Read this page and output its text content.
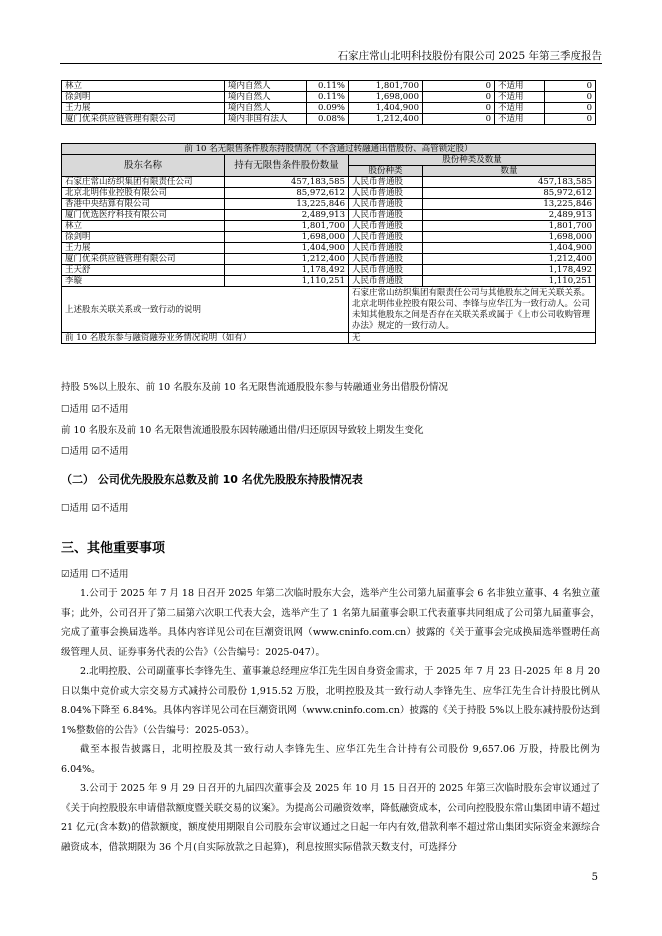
石家庄常山北明科技股份有限公司 2025 年第三季度报告
林立	境内自然人	0.11%	1,801,700	0	不适用	0
徐剑明	境内自然人	0.11%	1,698,000	0	不适用	0
王力展	境内自然人	0.09%	1,404,900	0	不适用	0
厦门优采供应链管理有限公司	境内非国有法人	0.08%	1,212,400	0	不适用	0
前 10 名无限售条件股东持股情况（不含通过转融通出借股份、高管锁定股）			
股东名称	持有无限售条件股份数量	股份种类及数量	
		股份种类	数量
石家庄常山纺织集团有限责任公司	457,183,585	人民币普通股	457,183,585
北京北明伟业控股有限公司	85,972,612	人民币普通股	85,972,612
香港中央结算有限公司	13,225,846	人民币普通股	13,225,846
厦门优选医疗科技有限公司	2,489,913	人民币普通股	2,489,913
林立	1,801,700	人民币普通股	1,801,700
徐剑明	1,698,000	人民币普通股	1,698,000
王力展	1,404,900	人民币普通股	1,404,900
厦门优采供应链管理有限公司	1,212,400	人民币普通股	1,212,400
王天舒	1,178,492	人民币普通股	1,178,492
李璇	1,110,251	人民币普通股	1,110,251
上述股东关联关系或一致行动的说明		石家庄常山纺织集团有限责任公司与其他股东之间无关联关系。北京北明伟业控股有限公司、李锋与应华江为一致行动人。公司未知其他股东之间是否存在关联关系或属于《上市公司收购管理办法》规定的一致行动人。	
前 10 名股东参与融资融券业务情况说明（如有）		无	
持股 5%以上股东、前 10 名股东及前 10 名无限售流通股股东参与转融通业务出借股份情况
☐适用 ☑不适用
前 10 名股东及前 10 名无限售流通股股东因转融通出借/归还原因导致较上期发生变化
☐适用 ☑不适用
（二） 公司优先股股东总数及前 10 名优先股股东持股情况表
☐适用 ☑不适用
三、其他重要事项
☑适用 ☐不适用
1.公司于 2025 年 7 月 18 日召开 2025 年第二次临时股东大会，选举产生公司第九届董事会 6 名非独立董事、4 名独立董事；此外，公司召开了第二届第六次职工代表大会，选举产生了 1 名第九届董事会职工代表董事共同组成了公司第九届董事会，完成了董事会换届选举。具体内容详见公司在巨潮资讯网（www.cninfo.com.cn）披露的《关于董事会完成换届选举暨聘任高级管理人员、证券事务代表的公告》（公告编号：2025-047）。
2.北明控股、公司副董事长李锋先生、董事兼总经理应华江先生因自身资金需求，于 2025 年 7 月 23 日-2025 年 8 月 20 日以集中竞价或大宗交易方式减持公司股份 1,915.52 万股，北明控股及其一致行动人李锋先生、应华江先生合计持股比例从 8.04%下降至 6.84%。具体内容详见公司在巨潮资讯网（www.cninfo.com.cn）披露的《关于持股 5%以上股东减持股份达到 1%整数倍的公告》（公告编号：2025-053）。
截至本报告披露日，北明控股及其一致行动人李锋先生、应华江先生合计持有公司股份 9,657.06 万股，持股比例为 6.04%。
3.公司于 2025 年 9 月 29 日召开的九届四次董事会及 2025 年 10 月 15 日召开的 2025 年第三次临时股东会审议通过了《关于向控股股东申请借款额度暨关联交易的议案》。为提高公司融资效率，降低融资成本，公司向控股股东常山集团申请不超过 21 亿元(含本数)的借款额度，额度使用期限自公司股东会审议通过之日起一年内有效,借款利率不超过常山集团实际资金来源综合融资成本，借款期限为 36 个月(自实际放款之日起算)，利息按照实际借款天数支付，可选择分
5
